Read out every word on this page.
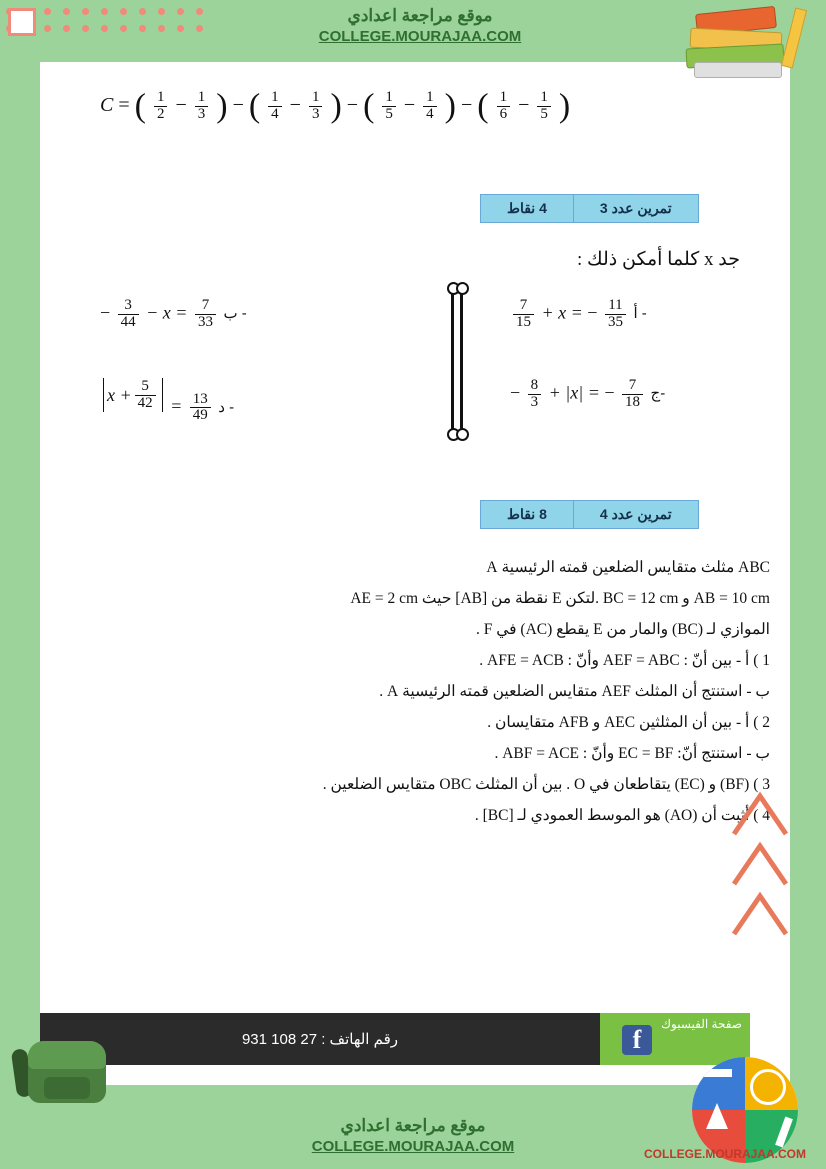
موقع مراجعة اعدادي
COLLEGE.MOURAJAA.COM
C = ( $\frac{1}{2} - \frac{1}{3}$ ) − ( $\frac{1}{4} - \frac{1}{3}$ ) − ( $\frac{1}{5} - \frac{1}{4}$ ) − ( $\frac{1}{6} - \frac{1}{5}$ )
تمرين عدد 3
4 نقاط
جد x كلما أمكن ذلك :
$\frac{7}{15} + x$ = − $\frac{11}{35}$ أ -
− $\frac{3}{44} - x = \frac{7}{33}$ ب -
− $\frac{8}{3} + |x|$ = − $\frac{7}{18}$ ج-
$x + \frac{5}{42} = \frac{13}{49}$ د -
تمرين عدد 4
8 نقاط
ABC مثلث متقايس الضلعين قمته الرئيسية A
AB = 10 cm و BC = 12 cm .لتكن E نقطة من [AB] حيث AE = 2 cm
الموازي لـ (BC) والمار من E يقطع (AC) في F .
1 ) أ - بين أنّ : AEF = ABC وأنّ : AFE = ACB .
ب - استنتج أن المثلث AEF متقايس الضلعين قمته الرئيسية A .
2 ) أ - بين أن المثلثين AEC و AFB متقايسان .
ب - استنتج أنّ: EC = BF وأنّ : ABF = ACE .
3 ) (BF) و (EC) يتقاطعان في O . بين أن المثلث OBC متقايس الضلعين .
4 ) أثبت أن (AO) هو الموسط العمودي لـ [BC] .
رقم الهاتف : 27 108 931
صفحة الفيسبوك
f
موقع مراجعة اعدادي
COLLEGE.MOURAJAA.COM	COLLEGE.MOURAJAA.COM
